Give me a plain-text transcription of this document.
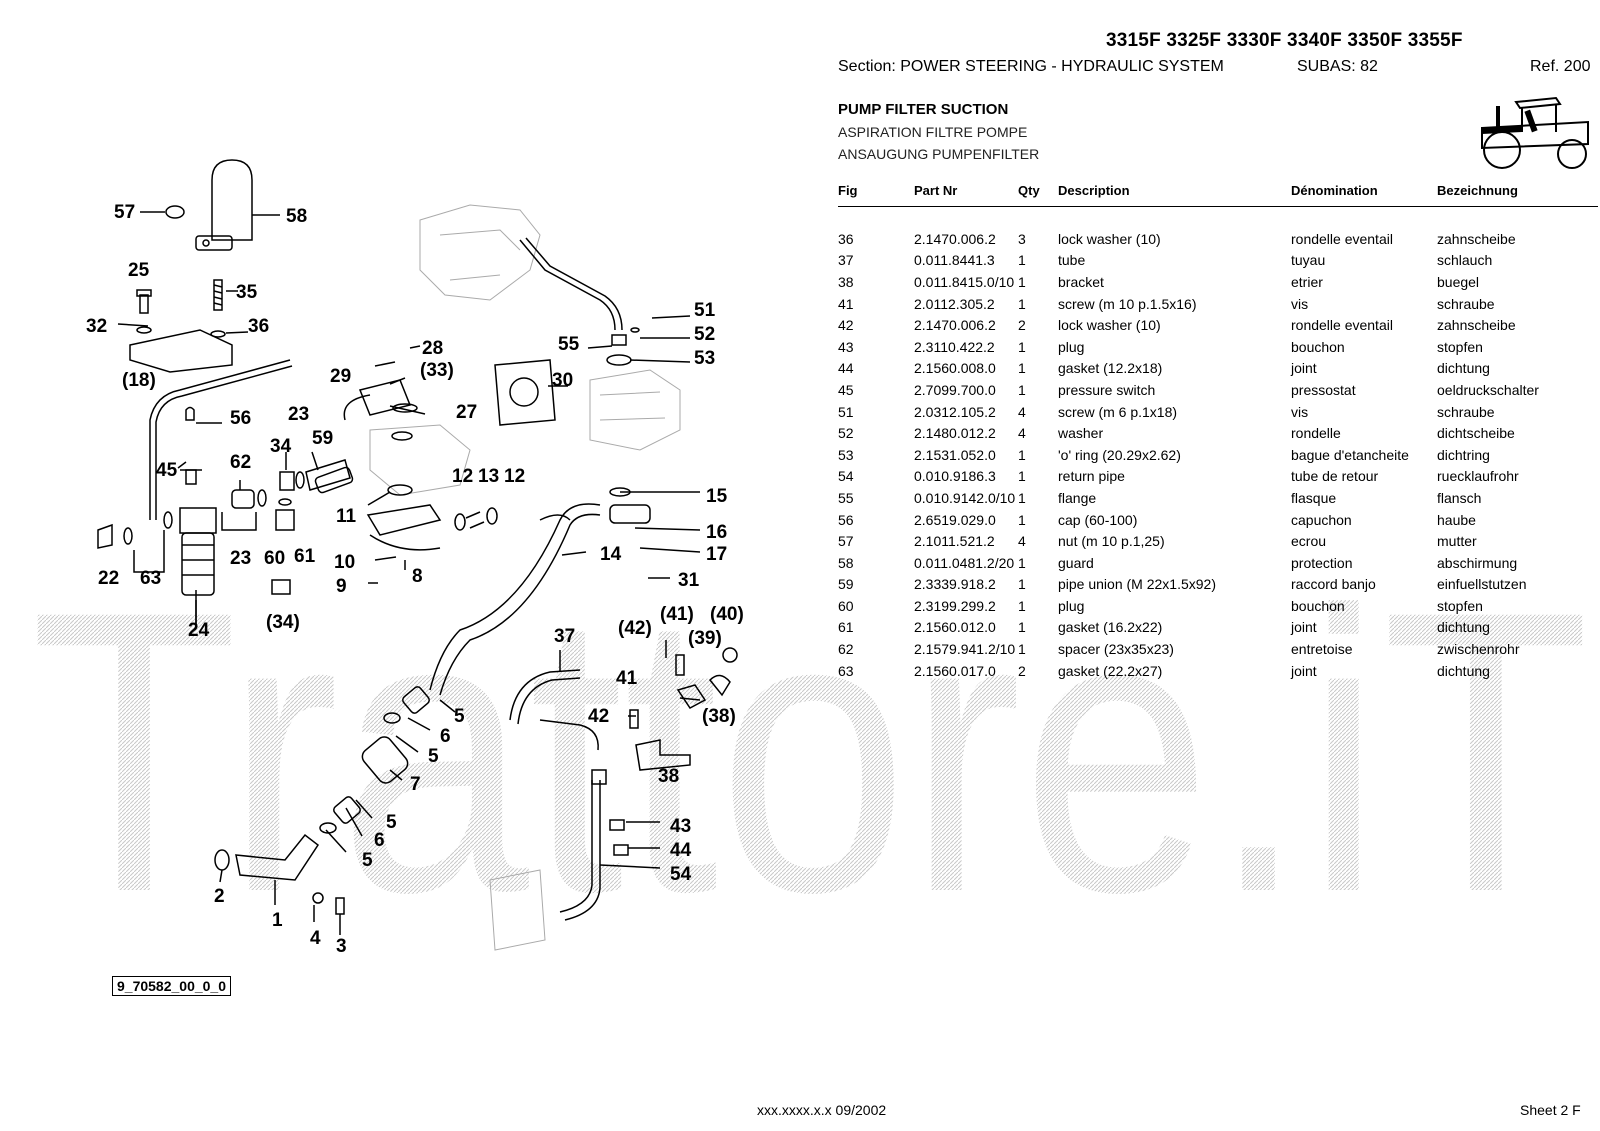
Trattore.iT
57	58
25
35
32	36
(18)
28
29	(33)
55
51
52
53
30
27
56 23
34 59
45	62
11
12 13 12
15
16
17
14
31
22 63
23 60 61 10
9	8
24	(34)
37 (42)
(41) (40)
(39)
41
42	(38)
38
5
6
5
7
5
6
5
43
44
54
2
1
4 3
3315F 3325F 3330F 3340F 3350F 3355F
Section: POWER STEERING - HYDRAULIC SYSTEM	SUBAS: 82	Ref. 200
PUMP FILTER SUCTION
ASPIRATION FILTRE POMPE
ANSAUGUNG PUMPENFILTER
Fig	Part Nr	Qty	Description	Dénomination	Bezeichnung

36	2.1470.006.2	3	lock washer (10)	rondelle eventail	zahnscheibe
37	0.011.8441.3	1	tube	tuyau	schlauch
38	0.011.8415.0/10	1	bracket	etrier	buegel
41	2.0112.305.2	1	screw (m 10 p.1.5x16)	vis	schraube
42	2.1470.006.2	2	lock washer (10)	rondelle eventail	zahnscheibe
43	2.3110.422.2	1	plug	bouchon	stopfen
44	2.1560.008.0	1	gasket (12.2x18)	joint	dichtung
45	2.7099.700.0	1	pressure switch	pressostat	oeldruckschalter
51	2.0312.105.2	4	screw (m 6 p.1x18)	vis	schraube
52	2.1480.012.2	4	washer	rondelle	dichtscheibe
53	2.1531.052.0	1	'o' ring (20.29x2.62)	bague d'etancheite	dichtring
54	0.010.9186.3	1	return pipe	tube de retour	ruecklaufrohr
55	0.010.9142.0/10	1	flange	flasque	flansch
56	2.6519.029.0	1	cap (60-100)	capuchon	haube
57	2.1011.521.2	4	nut (m 10 p.1,25)	ecrou	mutter
58	0.011.0481.2/20	1	guard	protection	abschirmung
59	2.3339.918.2	1	pipe union (M 22x1.5x92)	raccord banjo	einfuellstutzen
60	2.3199.299.2	1	plug	bouchon	stopfen
61	2.1560.012.0	1	gasket (16.2x22)	joint	dichtung
62	2.1579.941.2/10	1	spacer (23x35x23)	entretoise	zwischenrohr
63	2.1560.017.0	2	gasket (22.2x27)	joint	dichtung
9_70582_00_0_0
xxx.xxxx.x.x 09/2002	Sheet 2 F
